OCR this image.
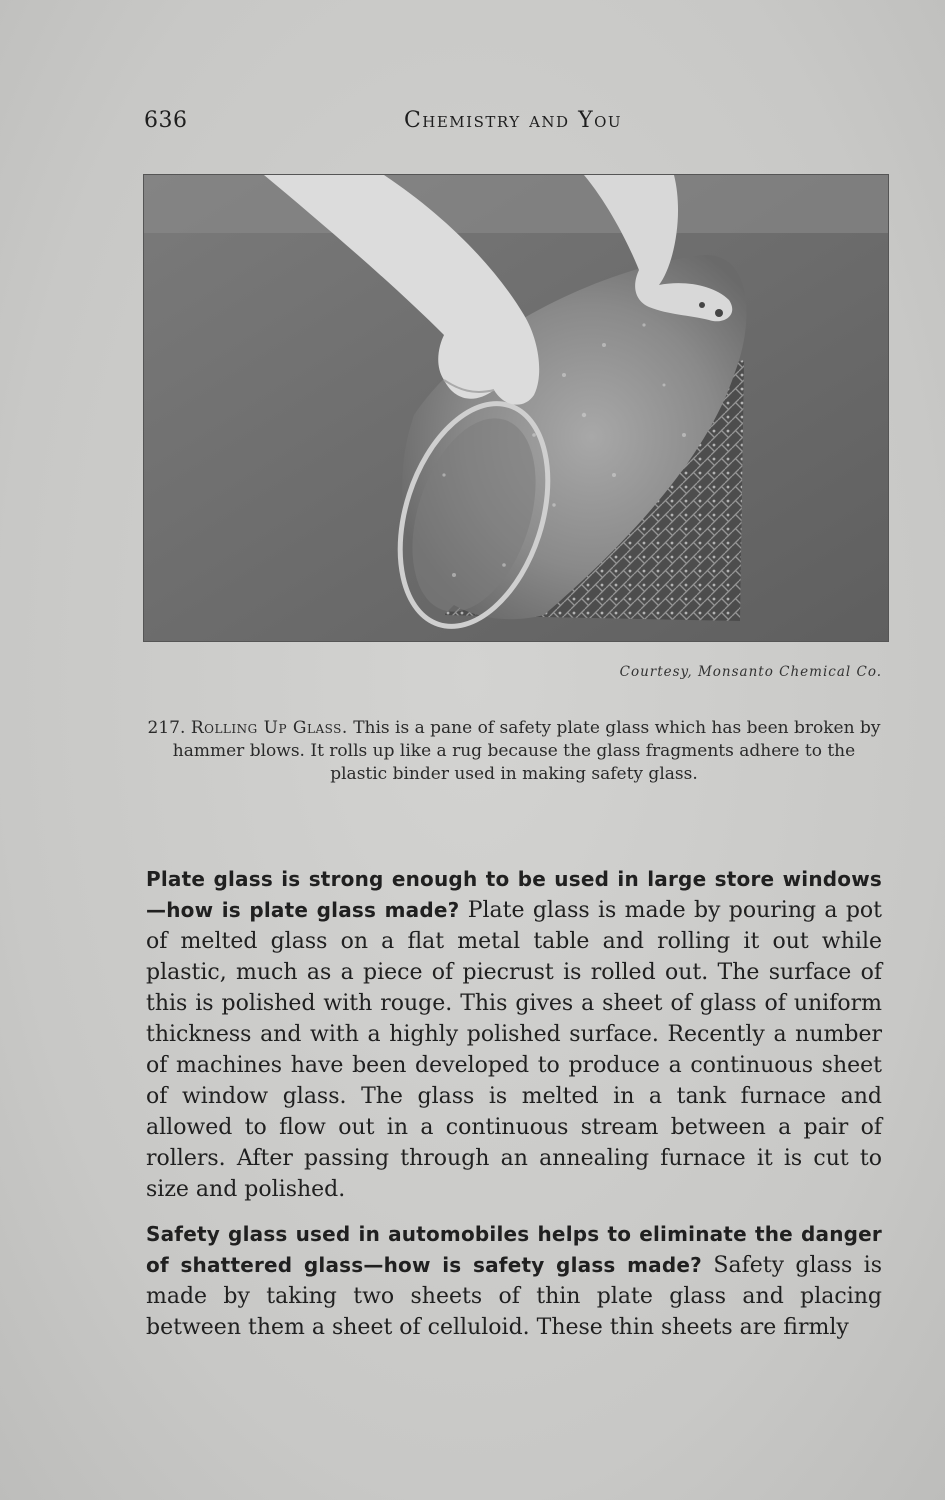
636	Chemistry and You
Courtesy, Monsanto Chemical Co.
217. Rolling Up Glass. This is a pane of safety plate glass which has been broken by hammer blows. It rolls up like a rug because the glass fragments adhere to the plastic binder used in making safety glass.
Plate glass is strong enough to be used in large store windows —how is plate glass made? Plate glass is made by pouring a pot of melted glass on a flat metal table and rolling it out while plastic, much as a piece of piecrust is rolled out. The surface of this is polished with rouge. This gives a sheet of glass of uniform thickness and with a highly polished surface. Recently a number of machines have been developed to produce a continuous sheet of window glass. The glass is melted in a tank furnace and allowed to flow out in a continuous stream between a pair of rollers. After passing through an annealing furnace it is cut to size and polished.
Safety glass used in automobiles helps to eliminate the danger of shattered glass—how is safety glass made? Safety glass is made by taking two sheets of thin plate glass and placing between them a sheet of celluloid. These thin sheets are firmly
